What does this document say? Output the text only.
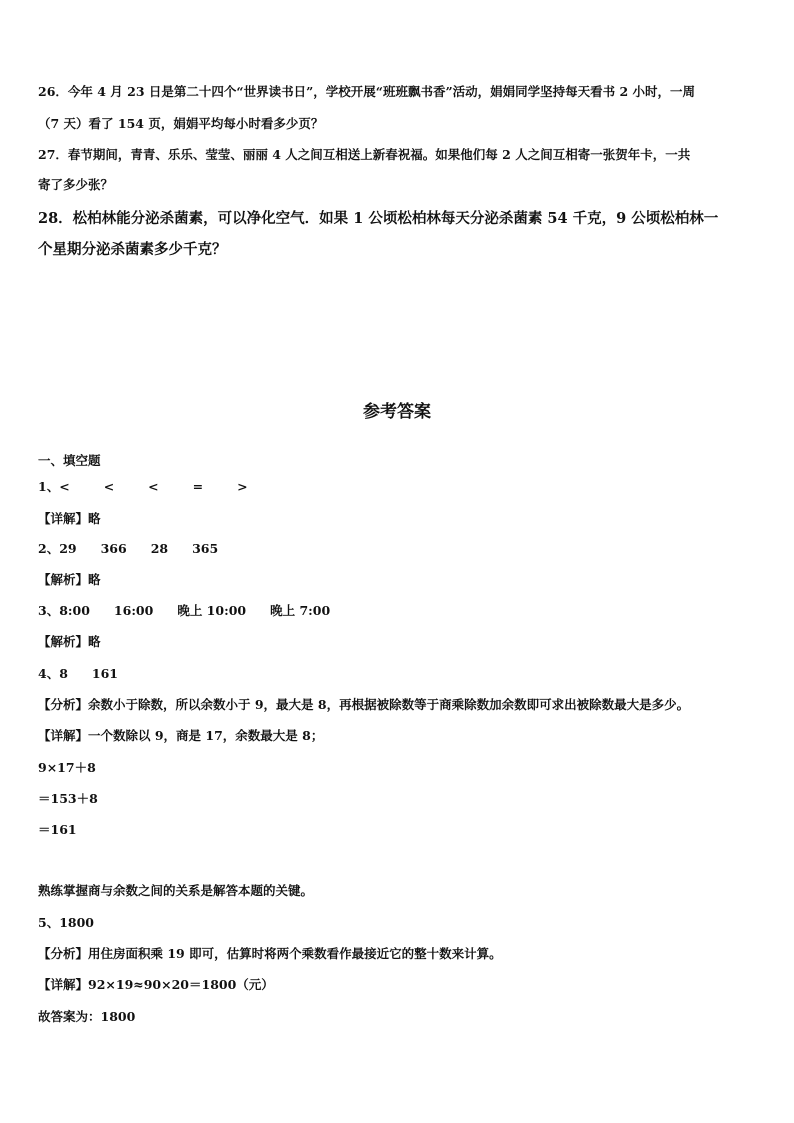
26．今年 4 月 23 日是第二十四个“世界读书日”，学校开展“班班飘书香”活动，娟娟同学坚持每天看书 2 小时，一周
（7 天）看了 154 页，娟娟平均每小时看多少页？
27．春节期间，青青、乐乐、莹莹、丽丽 4 人之间互相送上新春祝福。如果他们每 2 人之间互相寄一张贺年卡，一共
寄了多少张？
28．松柏林能分泌杀菌素，可以净化空气．如果 1 公顷松柏林每天分泌杀菌素 54 千克，9 公顷松柏林一
个星期分泌杀菌素多少千克？
参考答案
一、填空题
1、<	<	<	=	>
【详解】略
2、29 366 28 365
【解析】略
3、8:00 16:00 晚上 10:00 晚上 7:00
【解析】略
4、8 161
【分析】余数小于除数，所以余数小于 9，最大是 8，再根据被除数等于商乘除数加余数即可求出被除数最大是多少。
【详解】一个数除以 9，商是 17，余数最大是 8；
9×17＋8
＝153＋8
＝161
熟练掌握商与余数之间的关系是解答本题的关键。
5、1800
【分析】用住房面积乘 19 即可，估算时将两个乘数看作最接近它的整十数来计算。
【详解】92×19≈90×20＝1800（元）
故答案为：1800
